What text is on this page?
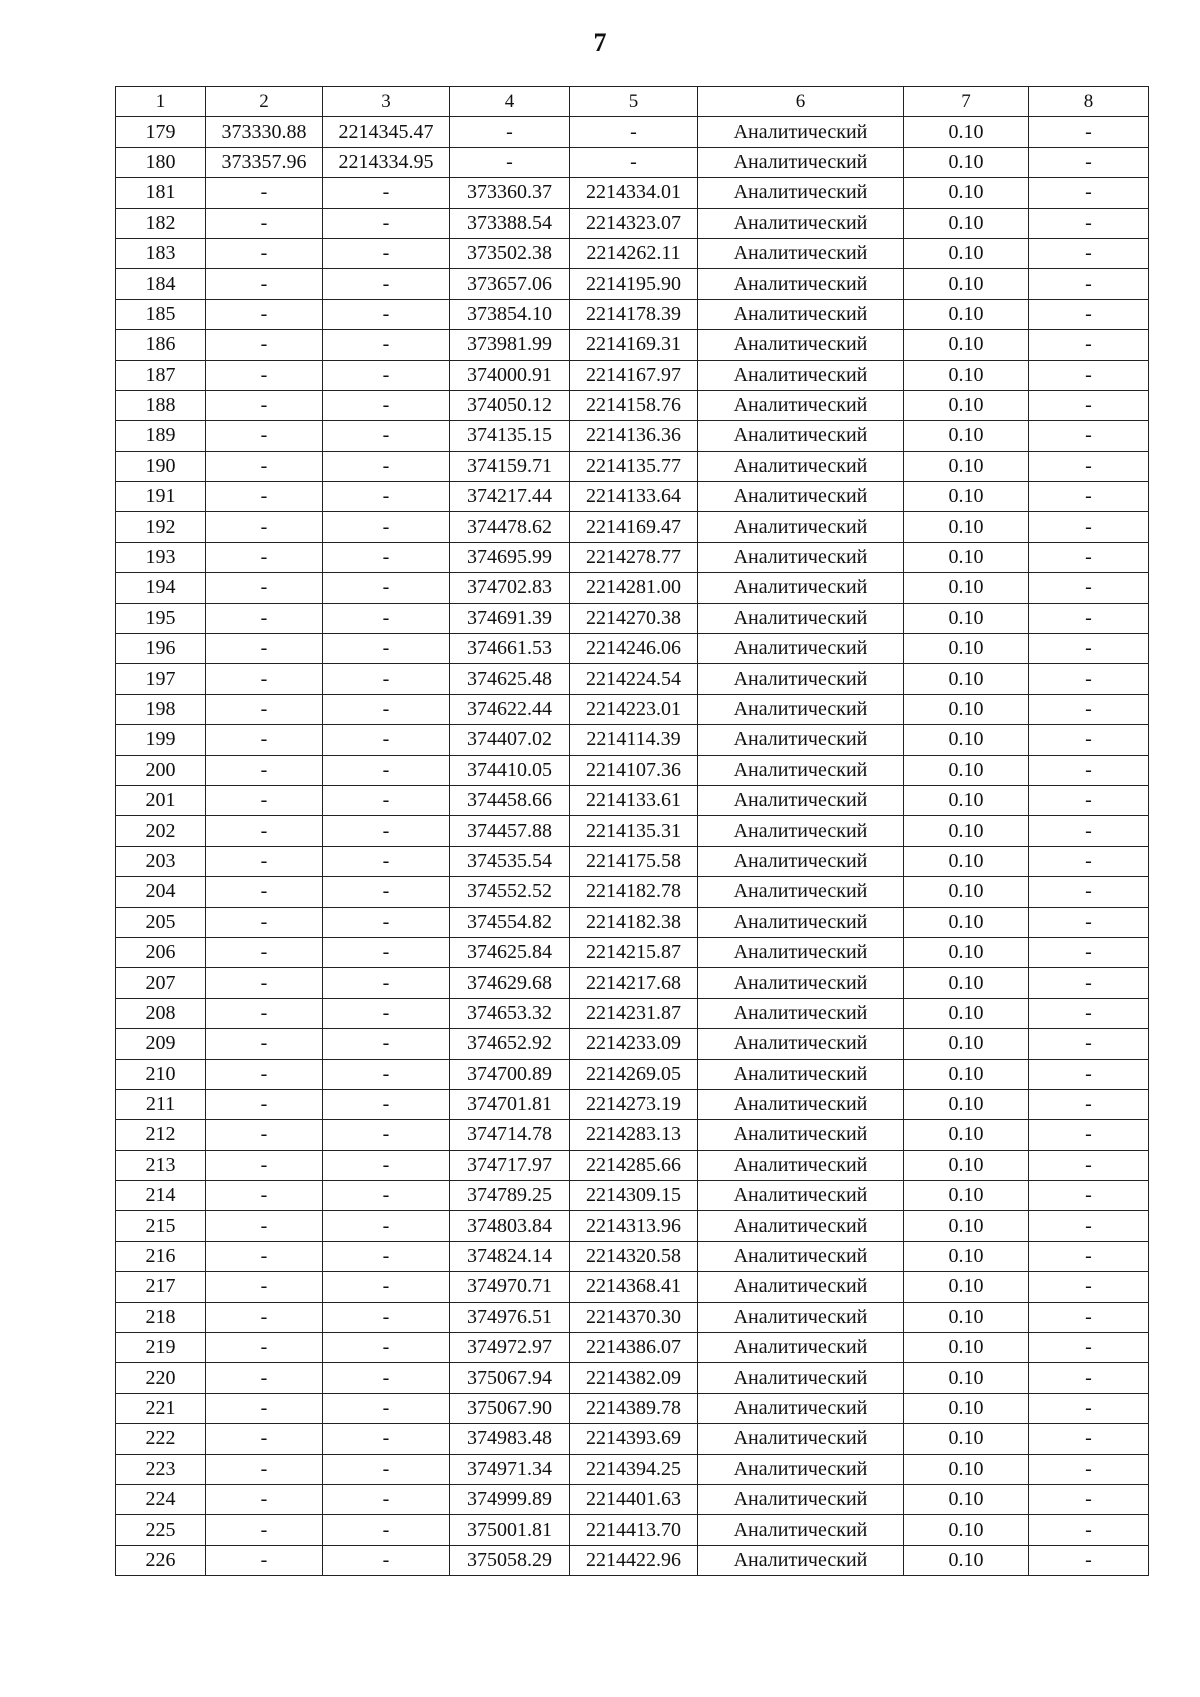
7
1	2	3	4	5	6	7	8
179	373330.88	2214345.47	-	-	Аналитический	0.10	-
180	373357.96	2214334.95	-	-	Аналитический	0.10	-
181	-	-	373360.37	2214334.01	Аналитический	0.10	-
182	-	-	373388.54	2214323.07	Аналитический	0.10	-
183	-	-	373502.38	2214262.11	Аналитический	0.10	-
184	-	-	373657.06	2214195.90	Аналитический	0.10	-
185	-	-	373854.10	2214178.39	Аналитический	0.10	-
186	-	-	373981.99	2214169.31	Аналитический	0.10	-
187	-	-	374000.91	2214167.97	Аналитический	0.10	-
188	-	-	374050.12	2214158.76	Аналитический	0.10	-
189	-	-	374135.15	2214136.36	Аналитический	0.10	-
190	-	-	374159.71	2214135.77	Аналитический	0.10	-
191	-	-	374217.44	2214133.64	Аналитический	0.10	-
192	-	-	374478.62	2214169.47	Аналитический	0.10	-
193	-	-	374695.99	2214278.77	Аналитический	0.10	-
194	-	-	374702.83	2214281.00	Аналитический	0.10	-
195	-	-	374691.39	2214270.38	Аналитический	0.10	-
196	-	-	374661.53	2214246.06	Аналитический	0.10	-
197	-	-	374625.48	2214224.54	Аналитический	0.10	-
198	-	-	374622.44	2214223.01	Аналитический	0.10	-
199	-	-	374407.02	2214114.39	Аналитический	0.10	-
200	-	-	374410.05	2214107.36	Аналитический	0.10	-
201	-	-	374458.66	2214133.61	Аналитический	0.10	-
202	-	-	374457.88	2214135.31	Аналитический	0.10	-
203	-	-	374535.54	2214175.58	Аналитический	0.10	-
204	-	-	374552.52	2214182.78	Аналитический	0.10	-
205	-	-	374554.82	2214182.38	Аналитический	0.10	-
206	-	-	374625.84	2214215.87	Аналитический	0.10	-
207	-	-	374629.68	2214217.68	Аналитический	0.10	-
208	-	-	374653.32	2214231.87	Аналитический	0.10	-
209	-	-	374652.92	2214233.09	Аналитический	0.10	-
210	-	-	374700.89	2214269.05	Аналитический	0.10	-
211	-	-	374701.81	2214273.19	Аналитический	0.10	-
212	-	-	374714.78	2214283.13	Аналитический	0.10	-
213	-	-	374717.97	2214285.66	Аналитический	0.10	-
214	-	-	374789.25	2214309.15	Аналитический	0.10	-
215	-	-	374803.84	2214313.96	Аналитический	0.10	-
216	-	-	374824.14	2214320.58	Аналитический	0.10	-
217	-	-	374970.71	2214368.41	Аналитический	0.10	-
218	-	-	374976.51	2214370.30	Аналитический	0.10	-
219	-	-	374972.97	2214386.07	Аналитический	0.10	-
220	-	-	375067.94	2214382.09	Аналитический	0.10	-
221	-	-	375067.90	2214389.78	Аналитический	0.10	-
222	-	-	374983.48	2214393.69	Аналитический	0.10	-
223	-	-	374971.34	2214394.25	Аналитический	0.10	-
224	-	-	374999.89	2214401.63	Аналитический	0.10	-
225	-	-	375001.81	2214413.70	Аналитический	0.10	-
226	-	-	375058.29	2214422.96	Аналитический	0.10	-
